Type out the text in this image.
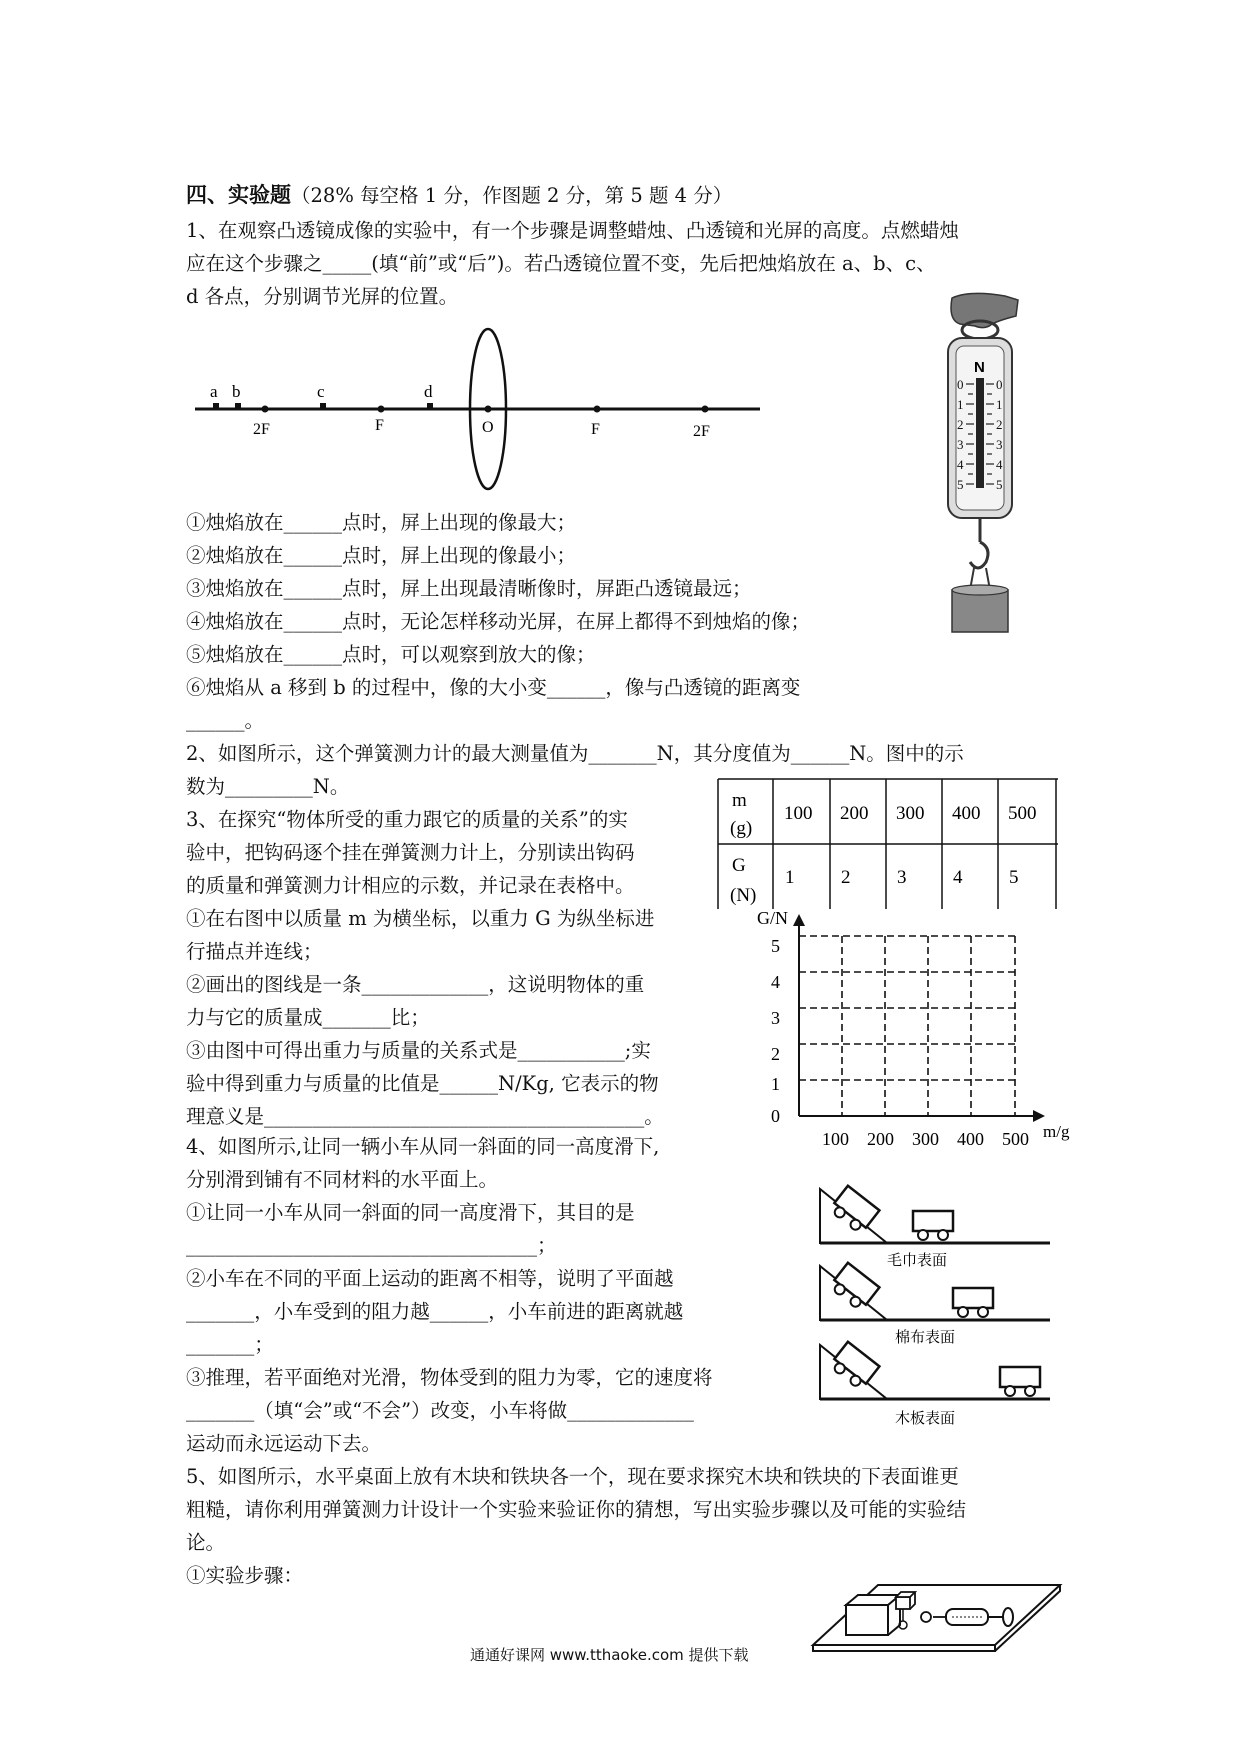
四、实验题（28% 每空格 1 分，作图题 2 分，第 5 题 4 分）
1、在观察凸透镜成像的实验中，有一个步骤是调整蜡烛、凸透镜和光屏的高度。点燃蜡烛
应在这个步骤之_____(填“前”或“后”)。若凸透镜位置不变，先后把烛焰放在 a、b、c、
d 各点，分别调节光屏的位置。
a b	c	d
2F	F	O	F	2F
N
0
1
2
3
4
5
0
1
2
3
4
5
①烛焰放在______点时，屏上出现的像最大；
②烛焰放在______点时，屏上出现的像最小；
③烛焰放在______点时，屏上出现最清晰像时，屏距凸透镜最远；
④烛焰放在______点时，无论怎样移动光屏，在屏上都得不到烛焰的像；
⑤烛焰放在______点时，可以观察到放大的像；
⑥烛焰从 a 移到 b 的过程中，像的大小变______，像与凸透镜的距离变
______。
2、如图所示，这个弹簧测力计的最大测量值为_______N，其分度值为______N。图中的示
数为_________N。
3、在探究“物体所受的重力跟它的质量的关系”的实
验中，把钩码逐个挂在弹簧测力计上，分别读出钩码
的质量和弹簧测力计相应的示数，并记录在表格中。
①在右图中以质量 m 为横坐标，以重力 G 为纵坐标进
行描点并连线；
②画出的图线是一条_____________，这说明物体的重
力与它的质量成_______比；
③由图中可得出重力与质量的关系式是___________;实
验中得到重力与质量的比值是______N/Kg, 它表示的物
理意义是_______________________________________。
m
(g)
G
(N)
100 200 300 400 500
1 2 3 4 5
G/N
m/g
0
1
2
3
4
5
100 200 300 400 500
4、如图所示,让同一辆小车从同一斜面的同一高度滑下,
分别滑到铺有不同材料的水平面上。
①让同一小车从同一斜面的同一高度滑下，其目的是
____________________________________；
②小车在不同的平面上运动的距离不相等，说明了平面越
_______，小车受到的阻力越______，小车前进的距离就越
_______；
③推理，若平面绝对光滑，物体受到的阻力为零，它的速度将
_______（填“会”或“不会”）改变，小车将做_____________
运动而永远运动下去。
毛巾表面
棉布表面
木板表面
5、如图所示，水平桌面上放有木块和铁块各一个，现在要求探究木块和铁块的下表面谁更
粗糙，请你利用弹簧测力计设计一个实验来验证你的猜想，写出实验步骤以及可能的实验结
论。
①实验步骤：
通通好课网 www.tthaoke.com 提供下载
